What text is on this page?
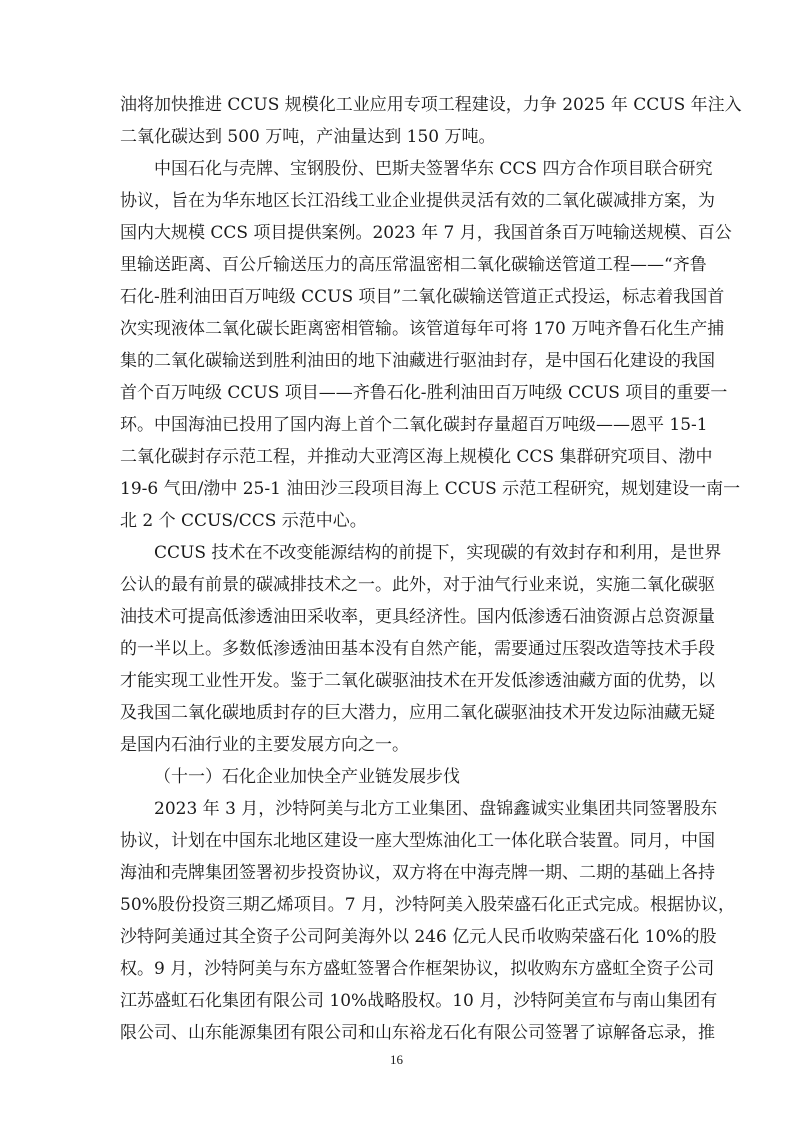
油将加快推进 CCUS 规模化工业应用专项工程建设，力争 2025 年 CCUS 年注入
二氧化碳达到 500 万吨，产油量达到 150 万吨。
中国石化与壳牌、宝钢股份、巴斯夫签署华东 CCS 四方合作项目联合研究
协议，旨在为华东地区长江沿线工业企业提供灵活有效的二氧化碳减排方案，为
国内大规模 CCS 项目提供案例。2023 年 7 月，我国首条百万吨输送规模、百公
里输送距离、百公斤输送压力的高压常温密相二氧化碳输送管道工程——“齐鲁
石化-胜利油田百万吨级 CCUS 项目”二氧化碳输送管道正式投运，标志着我国首
次实现液体二氧化碳长距离密相管输。该管道每年可将 170 万吨齐鲁石化生产捕
集的二氧化碳输送到胜利油田的地下油藏进行驱油封存，是中国石化建设的我国
首个百万吨级 CCUS 项目——齐鲁石化-胜利油田百万吨级 CCUS 项目的重要一
环。中国海油已投用了国内海上首个二氧化碳封存量超百万吨级——恩平 15-1
二氧化碳封存示范工程，并推动大亚湾区海上规模化 CCS 集群研究项目、渤中
19-6 气田/渤中 25-1 油田沙三段项目海上 CCUS 示范工程研究，规划建设一南一
北 2 个 CCUS/CCS 示范中心。
CCUS 技术在不改变能源结构的前提下，实现碳的有效封存和利用，是世界
公认的最有前景的碳减排技术之一。此外，对于油气行业来说，实施二氧化碳驱
油技术可提高低渗透油田采收率，更具经济性。国内低渗透石油资源占总资源量
的一半以上。多数低渗透油田基本没有自然产能，需要通过压裂改造等技术手段
才能实现工业性开发。鉴于二氧化碳驱油技术在开发低渗透油藏方面的优势，以
及我国二氧化碳地质封存的巨大潜力，应用二氧化碳驱油技术开发边际油藏无疑
是国内石油行业的主要发展方向之一。
（十一）石化企业加快全产业链发展步伐
2023 年 3 月，沙特阿美与北方工业集团、盘锦鑫诚实业集团共同签署股东
协议，计划在中国东北地区建设一座大型炼油化工一体化联合装置。同月，中国
海油和壳牌集团签署初步投资协议，双方将在中海壳牌一期、二期的基础上各持
50%股份投资三期乙烯项目。7 月，沙特阿美入股荣盛石化正式完成。根据协议，
沙特阿美通过其全资子公司阿美海外以 246 亿元人民币收购荣盛石化 10%的股
权。9 月，沙特阿美与东方盛虹签署合作框架协议，拟收购东方盛虹全资子公司
江苏盛虹石化集团有限公司 10%战略股权。10 月，沙特阿美宣布与南山集团有
限公司、山东能源集团有限公司和山东裕龙石化有限公司签署了谅解备忘录，推
16
